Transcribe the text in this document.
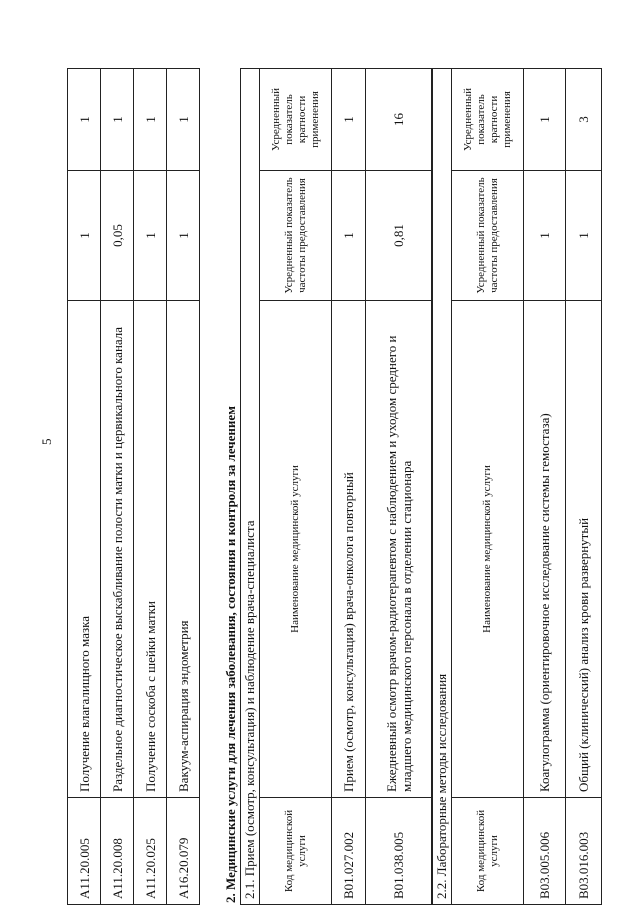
5
A11.20.005	Получение влагалищного мазка	1	1
A11.20.008	Раздельное диагностическое выскабливание полости матки и цервикального канала	0,05	1
A11.20.025	Получение соскоба с шейки матки	1	1
A16.20.079	Вакуум-аспирация эндометрия	1	1
2. Медицинские услуги для лечения заболевания, состояния и контроля за лечением 2.1. Прием (осмотр, консультация) и наблюдение врача-специалиста			
Код медицинской услуги	Наименование медицинской услуги	Усредненный показатель частоты предоставления	Усредненный показатель кратности применения
B01.027.002	Прием (осмотр, консультация) врача-онколога повторный	1	1
B01.038.005	Ежедневный осмотр врачом-радиотерапевтом с наблюдением и уходом среднего и младшего медицинского персонала в отделении стационара	0,81	16
2.2. Лабораторные методы исследования			
Код медицинской услуги	Наименование медицинской услуги	Усредненный показатель частоты предоставления	Усредненный показатель кратности применения
B03.005.006	Коагулограмма (ориентировочное исследование системы гемостаза)	1	1
B03.016.003	Общий (клинический) анализ крови развернутый	1	3
